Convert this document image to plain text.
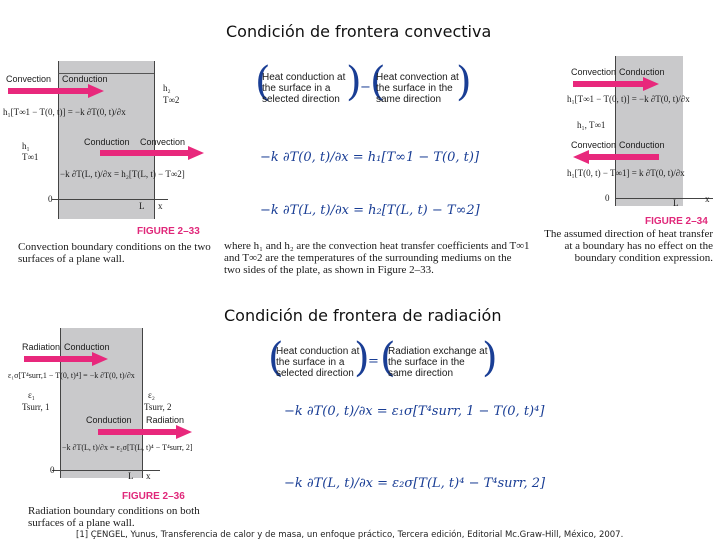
Condición de frontera convectiva
Condición de frontera de radiación
Convection Conduction
h₁[T∞1 − T(0, t)] = −k ∂T(0, t)/∂x
h₂
T∞2
h₁
T∞1
Conduction Convection
−k ∂T(L, t)/∂x = h₂[T(L, t) − T∞2]
0
L x
FIGURE 2–33
Convection boundary conditions on the two surfaces of a plane wall.
(
Heat conduction at the surface in a selected direction )
− (
Heat convection at the surface in the same direction )
−k ∂T(0, t)/∂x = h₁[T∞1 − T(0, t)]
−k ∂T(L, t)/∂x = h₂[T(L, t) − T∞2]
where h₁ and h₂ are the convection heat transfer coefficients and T∞1 and T∞2 are the temperatures of the surrounding mediums on the two sides of the plate, as shown in Figure 2–33.
Convection Conduction
h₁[T∞1 − T(0, t)] = −k ∂T(0, t)/∂x
h₁, T∞1
Convection Conduction
h₁[T(0, t) − T∞1] = k ∂T(0, t)/∂x
0	L	x
FIGURE 2–34
The assumed direction of heat transfer at a boundary has no effect on the boundary condition expression.
Radiation Conduction
ε₁σ[T⁴surr,1 − T(0, t)⁴] = −k ∂T(0, t)/∂x
ε₁
Tsurr, 1
ε₂
Tsurr, 2
Conduction Radiation
−k ∂T(L, t)/∂x = ε₂σ[T(L, t)⁴ − T⁴surr, 2]
0
L x
FIGURE 2–36
Radiation boundary conditions on both surfaces of a plane wall.
(
Heat conduction at the surface in a selected direction )
= (
Radiation exchange at the surface in the same direction )
−k ∂T(0, t)/∂x = ε₁σ[T⁴surr, 1 − T(0, t)⁴]
−k ∂T(L, t)/∂x = ε₂σ[T(L, t)⁴ − T⁴surr, 2]
[1] ÇENGEL, Yunus, Transferencia de calor y de masa, un enfoque práctico, Tercera edición, Editorial Mc.Graw-Hill, México, 2007.
